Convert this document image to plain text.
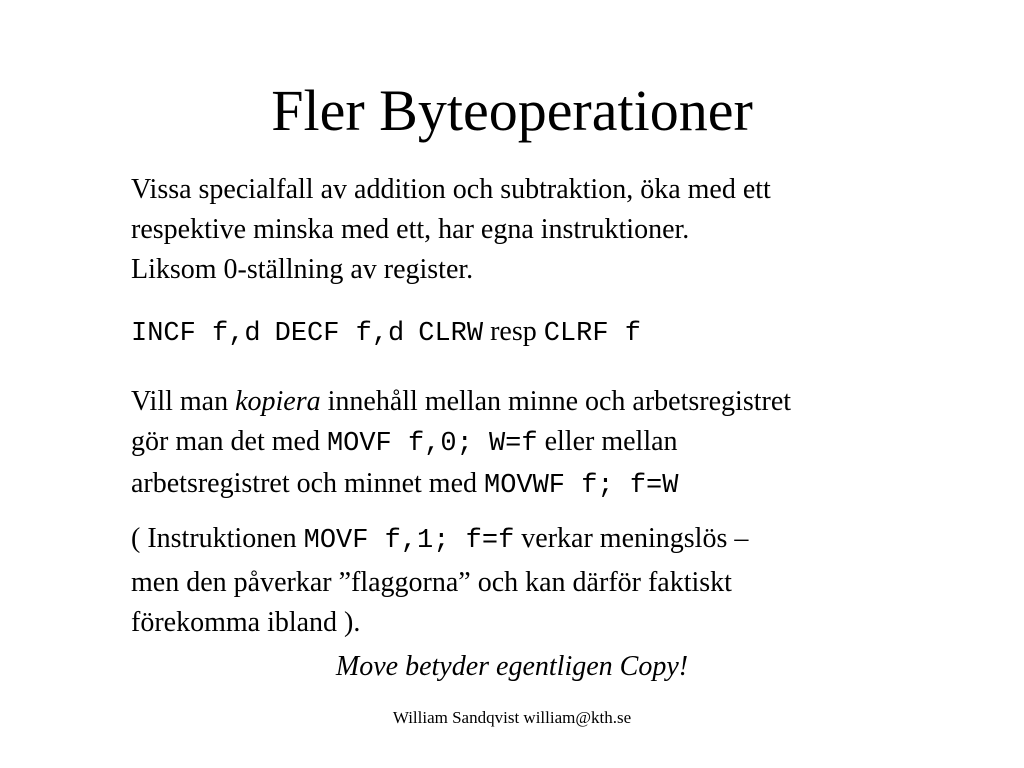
Fler Byteoperationer
Vissa specialfall av addition och subtraktion, öka med ett
respektive minska med ett, har egna instruktioner.
Liksom 0-ställning av register.
INCF f,d DECF f,d CLRW resp CLRF f
Vill man kopiera innehåll mellan minne och arbetsregistret
gör man det med MOVF f,0; W=f eller mellan
arbetsregistret och minnet med MOVWF f; f=W
( Instruktionen MOVF f,1; f=f verkar meningslös –
men den påverkar ”flaggorna” och kan därför faktiskt
förekomma ibland ).
Move betyder egentligen Copy!
William Sandqvist william@kth.se
